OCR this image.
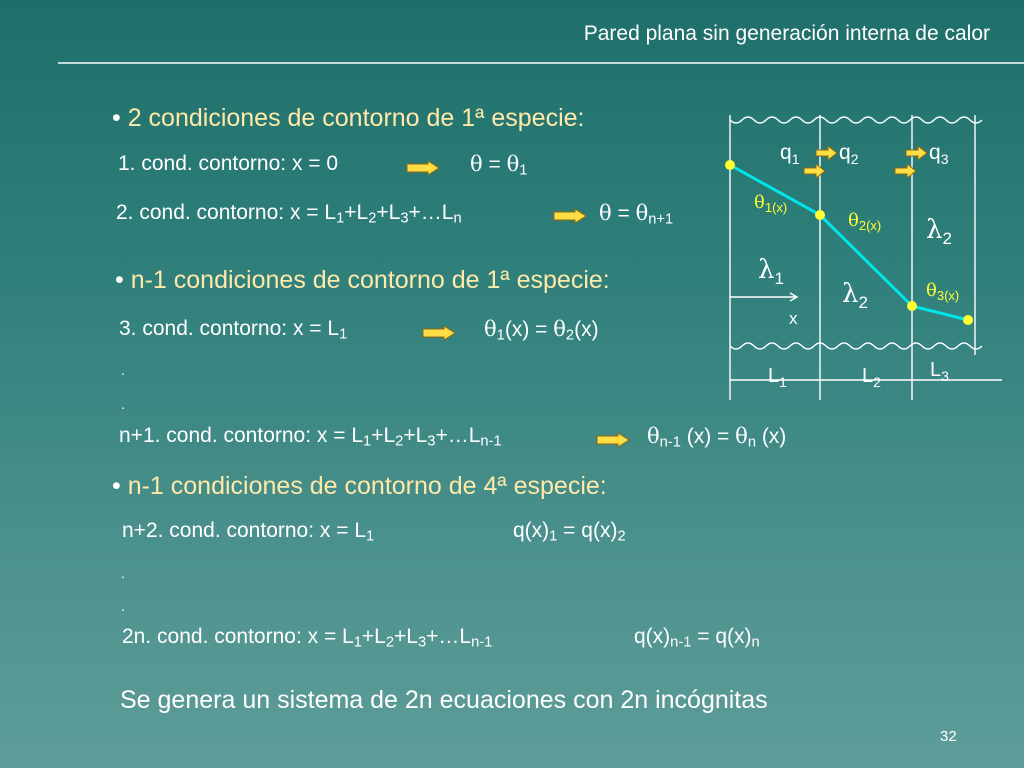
Pared plana sin generación interna de calor
• 2 condiciones de contorno de 1ª especie:
1. cond. contorno: x = 0	θ = θ1
2. cond. contorno: x = L1+L2+L3+…Ln	θ = θn+1
• n-1 condiciones de contorno de 1ª especie:
3. cond. contorno: x = L1	θ1(x) = θ2(x)
.
.
n+1. cond. contorno: x = L1+L2+L3+…Ln-1	θn-1 (x) = θn (x)
• n-1 condiciones de contorno de 4ª especie:
n+2. cond. contorno: x = L1	q(x)1 = q(x)2
.
.
2n. cond. contorno: x = L1+L2+L3+…Ln-1	q(x)n-1 = q(x)n
Se genera un sistema de 2n ecuaciones con 2n incógnitas
32
$q_1$ $q_2$	$q_3$
$\theta_{1(x)}$
$\theta_{2(x)}$
$\theta_{3(x)}$
$\lambda_1$
$\lambda_2$
$\lambda_2$
x
$L_1$	$L_2$
$L_3$
